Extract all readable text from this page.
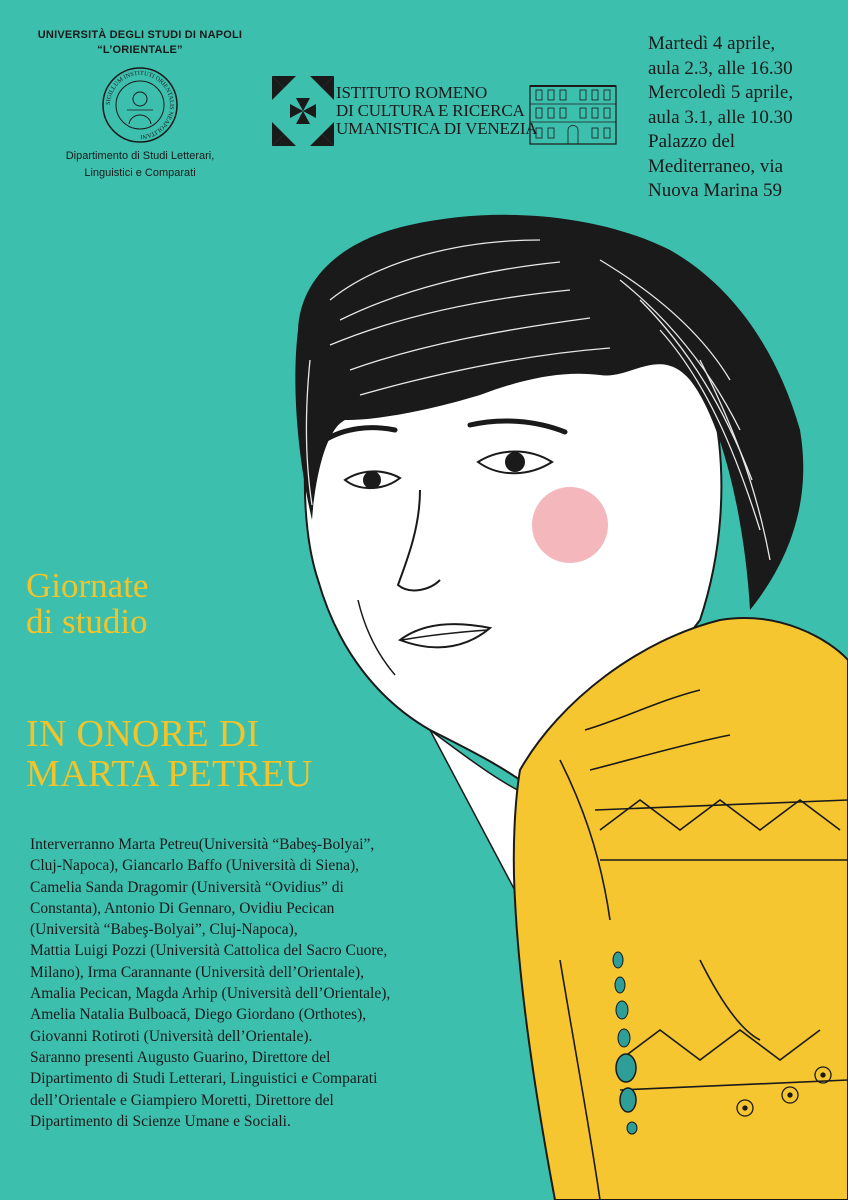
UNIVERSITÀ DEGLI STUDI DI NAPOLI
“L’ORIENTALE”
SIGILLUM INSTITUTI ORIENTALIS NEAPOLITANI
Dipartimento di Studi Letterari,
Linguistici e Comparati
ISTITUTO ROMENO
DI CULTURA E RICERCA
UMANISTICA DI VENEZIA
Martedì 4 aprile,
aula 2.3, alle 16.30
Mercoledì 5 aprile,
aula 3.1, alle 10.30
Palazzo del
Mediterraneo, via
Nuova Marina 59
Giornate
di studio
IN ONORE DI
MARTA PETREU
Interverranno Marta Petreu(Università “Babeş-Bolyai”,
Cluj-Napoca), Giancarlo Baffo (Università di Siena),
Camelia Sanda Dragomir (Università “Ovidius” di
Constanta), Antonio Di Gennaro, Ovidiu Pecican
(Università “Babeş-Bolyai”, Cluj-Napoca),
Mattia Luigi Pozzi (Università Cattolica del Sacro Cuore,
Milano), Irma Carannante (Università dell’Orientale),
Amalia Pecican, Magda Arhip (Università dell’Orientale),
Amelia Natalia Bulboacă, Diego Giordano (Orthotes),
Giovanni Rotiroti (Università dell’Orientale).
Saranno presenti Augusto Guarino, Direttore del
Dipartimento di Studi Letterari, Linguistici e Comparati
dell’Orientale e Giampiero Moretti, Direttore del
Dipartimento di Scienze Umane e Sociali.
